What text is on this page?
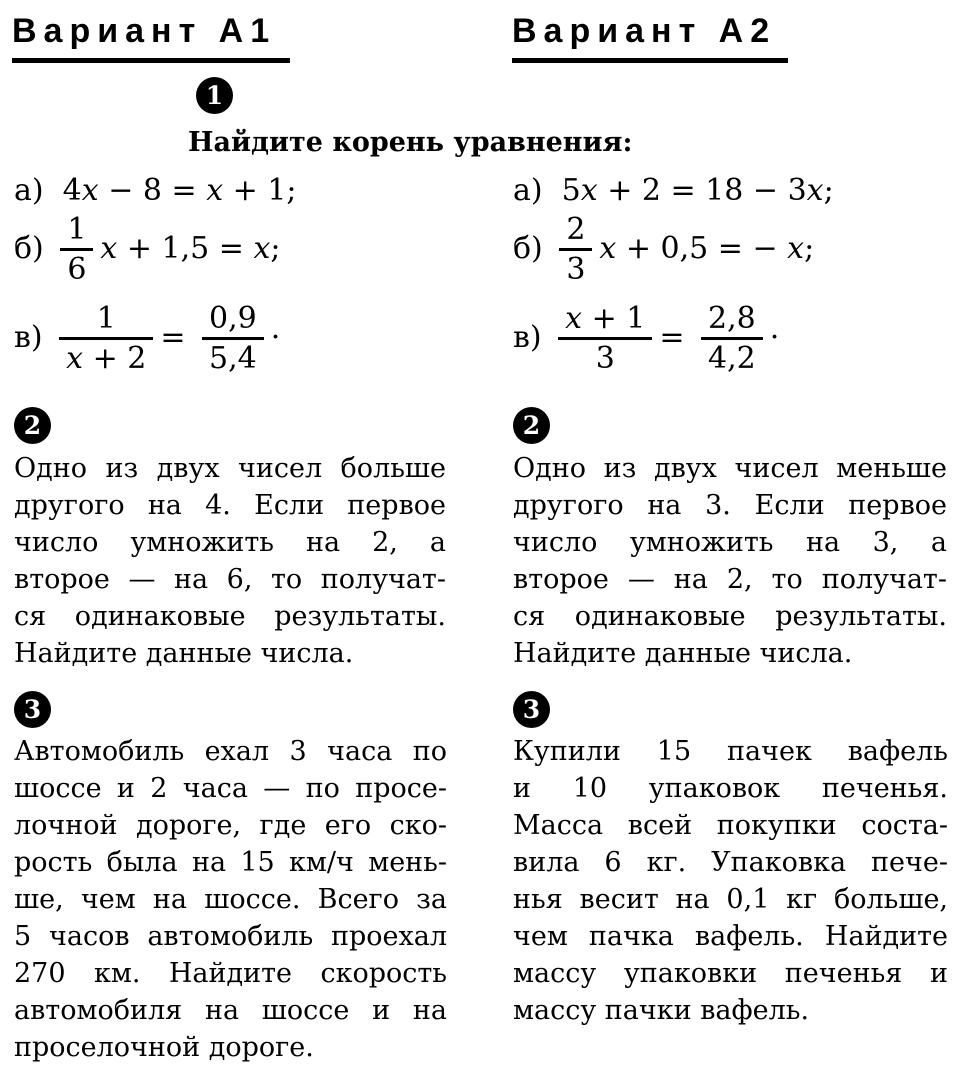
Вариант А1	Вариант А2
1
Найдите корень уравнения:
а) 4 x − 8 = x + 1;
$б) \frac{1}{6}$ x + 1,5 = x ;
$в) \frac{1}{x + 2} = \frac{0,9}{5,4}$ .
а) 5 x + 2 = 18 − 3 x ;
$б) \frac{2}{3}$ x + 0,5 = − x ;
$в) \frac{x + 1}{3} = \frac{2,8}{4,2}$ .
2	2
Одно из двух чисел больше
другого на 4. Если первое
число умножить на 2, а
второе — на 6, то получат-
ся одинаковые результаты.
Найдите данные числа.
Одно из двух чисел меньше
другого на 3. Если первое
число умножить на 3, а
второе — на 2, то получат-
ся одинаковые результаты.
Найдите данные числа.
3	3
Автомобиль ехал 3 часа по
шоссе и 2 часа — по просе-
лочной дороге, где его ско-
рость была на 15 км/ч мень-
ше, чем на шоссе. Всего за
5 часов автомобиль проехал
270 км. Найдите скорость
автомобиля на шоссе и на
проселочной дороге.
Купили 15 пачек вафель
и 10 упаковок печенья.
Масса всей покупки соста-
вила 6 кг. Упаковка пече-
нья весит на 0,1 кг больше,
чем пачка вафель. Найдите
массу упаковки печенья и
массу пачки вафель.
